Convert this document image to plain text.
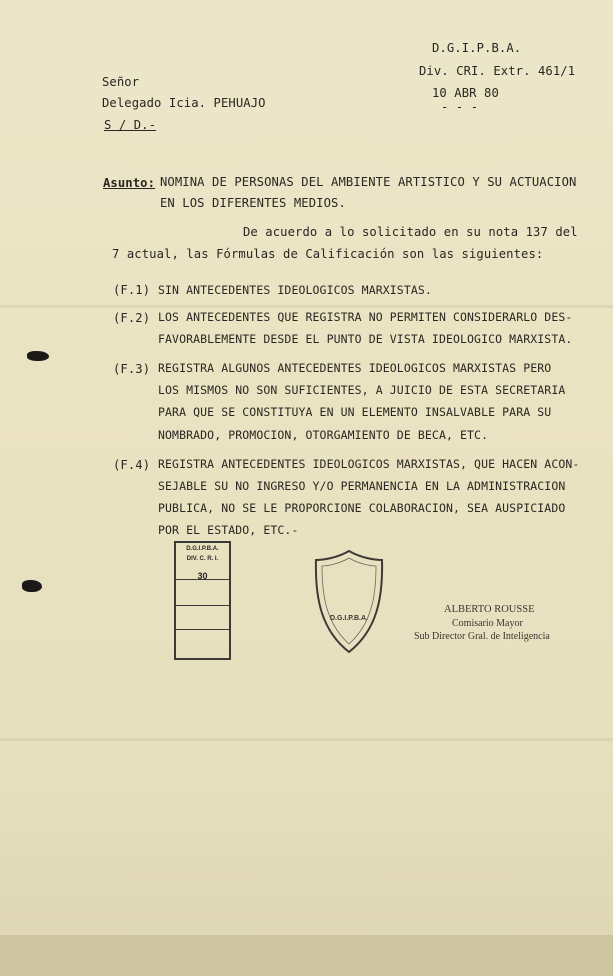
D.G.I.P.B.A.
Div. CRI. Extr. 461/1
10 ABR 80
- - -
Señor
Delegado Icia. PEHUAJO
S / D.-
Asunto: NOMINA DE PERSONAS DEL AMBIENTE ARTISTICO Y SU ACTUACION
EN LOS DIFERENTES MEDIOS.
De acuerdo a lo solicitado en su nota 137 del
7 actual, las Fórmulas de Calificación son las siguientes:
(F.1) SIN ANTECEDENTES IDEOLOGICOS MARXISTAS.
(F.2) LOS ANTECEDENTES QUE REGISTRA NO PERMITEN CONSIDERARLO DES-
FAVORABLEMENTE DESDE EL PUNTO DE VISTA IDEOLOGICO MARXISTA.
(F.3) REGISTRA ALGUNOS ANTECEDENTES IDEOLOGICOS MARXISTAS PERO
LOS MISMOS NO SON SUFICIENTES, A JUICIO DE ESTA SECRETARIA
PARA QUE SE CONSTITUYA EN UN ELEMENTO INSALVABLE PARA SU
NOMBRADO, PROMOCION, OTORGAMIENTO DE BECA, ETC.
(F.4) REGISTRA ANTECEDENTES IDEOLOGICOS MARXISTAS, QUE HACEN ACON-
SEJABLE SU NO INGRESO Y/O PERMANENCIA EN LA ADMINISTRACION
PUBLICA, NO SE LE PROPORCIONE COLABORACION, SEA AUSPICIADO
POR EL ESTADO, ETC.-
D.G.I.P.B.A.
DIV. C. R. I.
30
D.G.I.P.B.A.
ALBERTO ROUSSE
Comisario Mayor
Sub Director Gral. de Inteligencia
